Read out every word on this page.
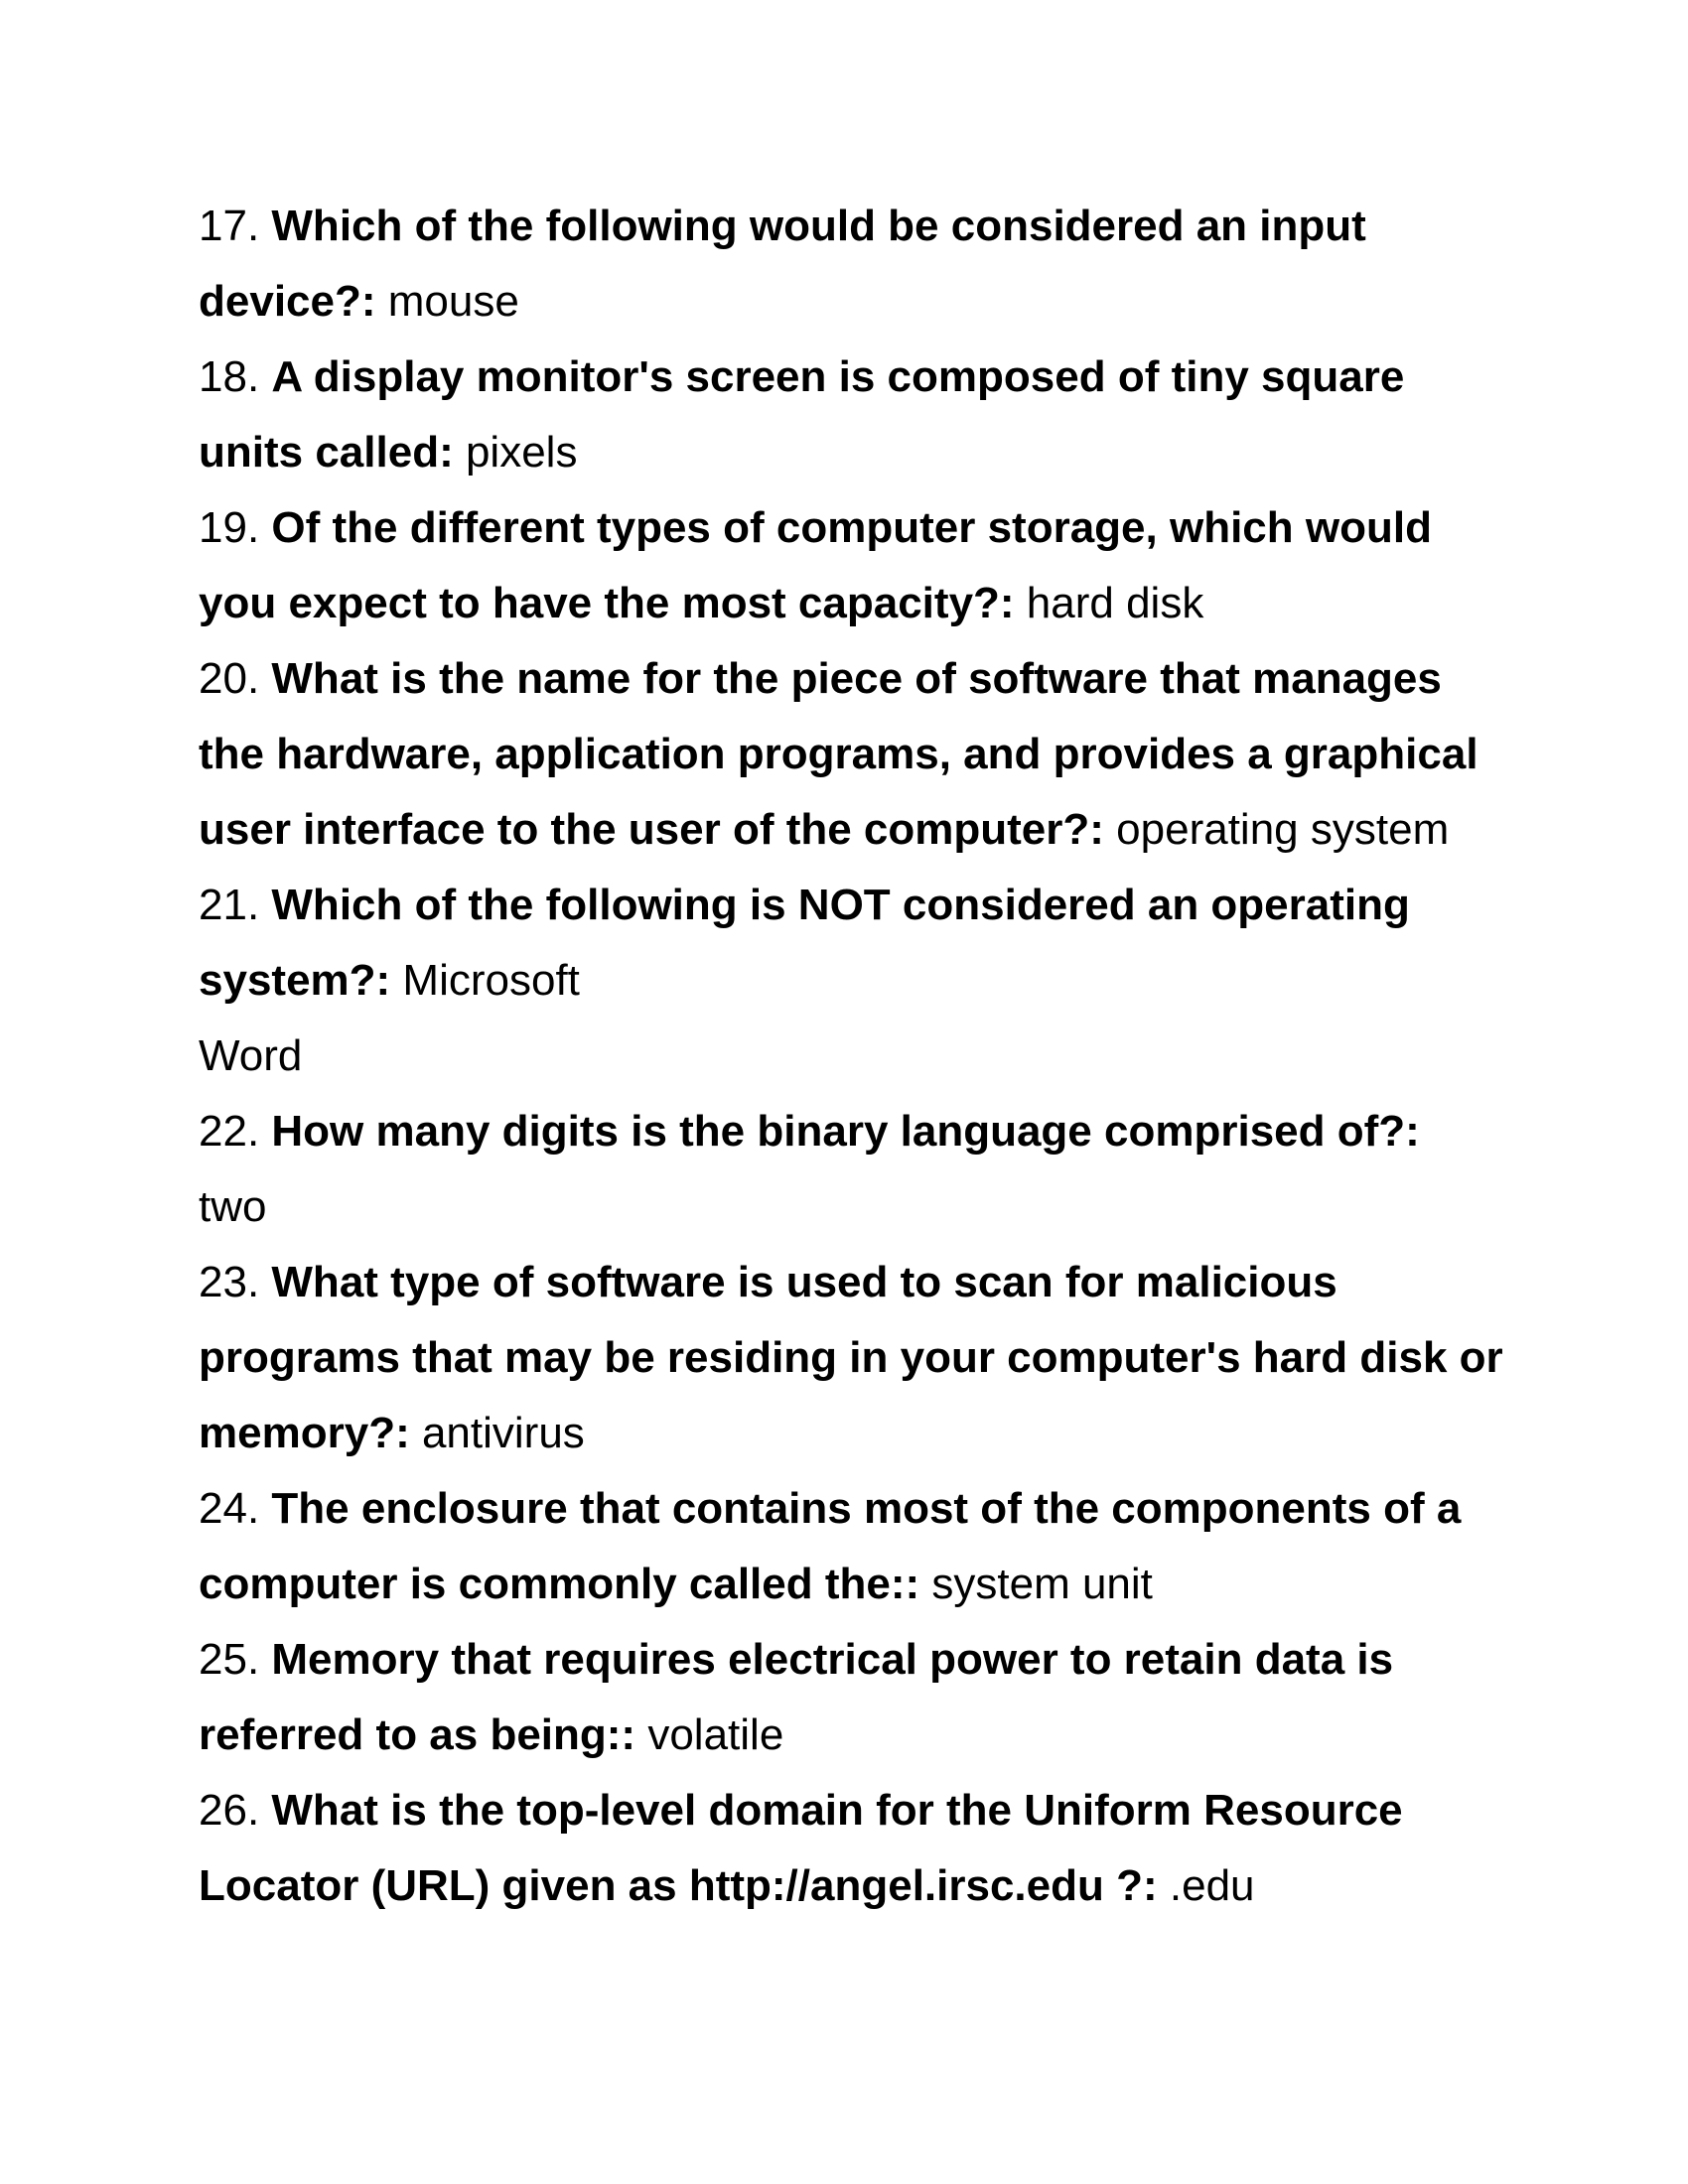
17. Which of the following would be considered an input device?: mouse

18. A display monitor's screen is composed of tiny square units called: pixels

19. Of the different types of computer storage, which would you expect to have the most capacity?: hard disk

20. What is the name for the piece of software that manages the hardware, application programs, and provides a graphical user interface to the user of the computer?: operating system

21. Which of the following is NOT considered an operating system?: Microsoft
Word

22. How many digits is the binary language comprised of?:
two

23. What type of software is used to scan for malicious programs that may be residing in your computer's hard disk or memory?: antivirus

24. The enclosure that contains most of the components of a computer is commonly called the:: system unit

25. Memory that requires electrical power to retain data is referred to as being:: volatile

26. What is the top-level domain for the Uniform Resource Locator (URL) given as http://angel.irsc.edu ?: .edu
